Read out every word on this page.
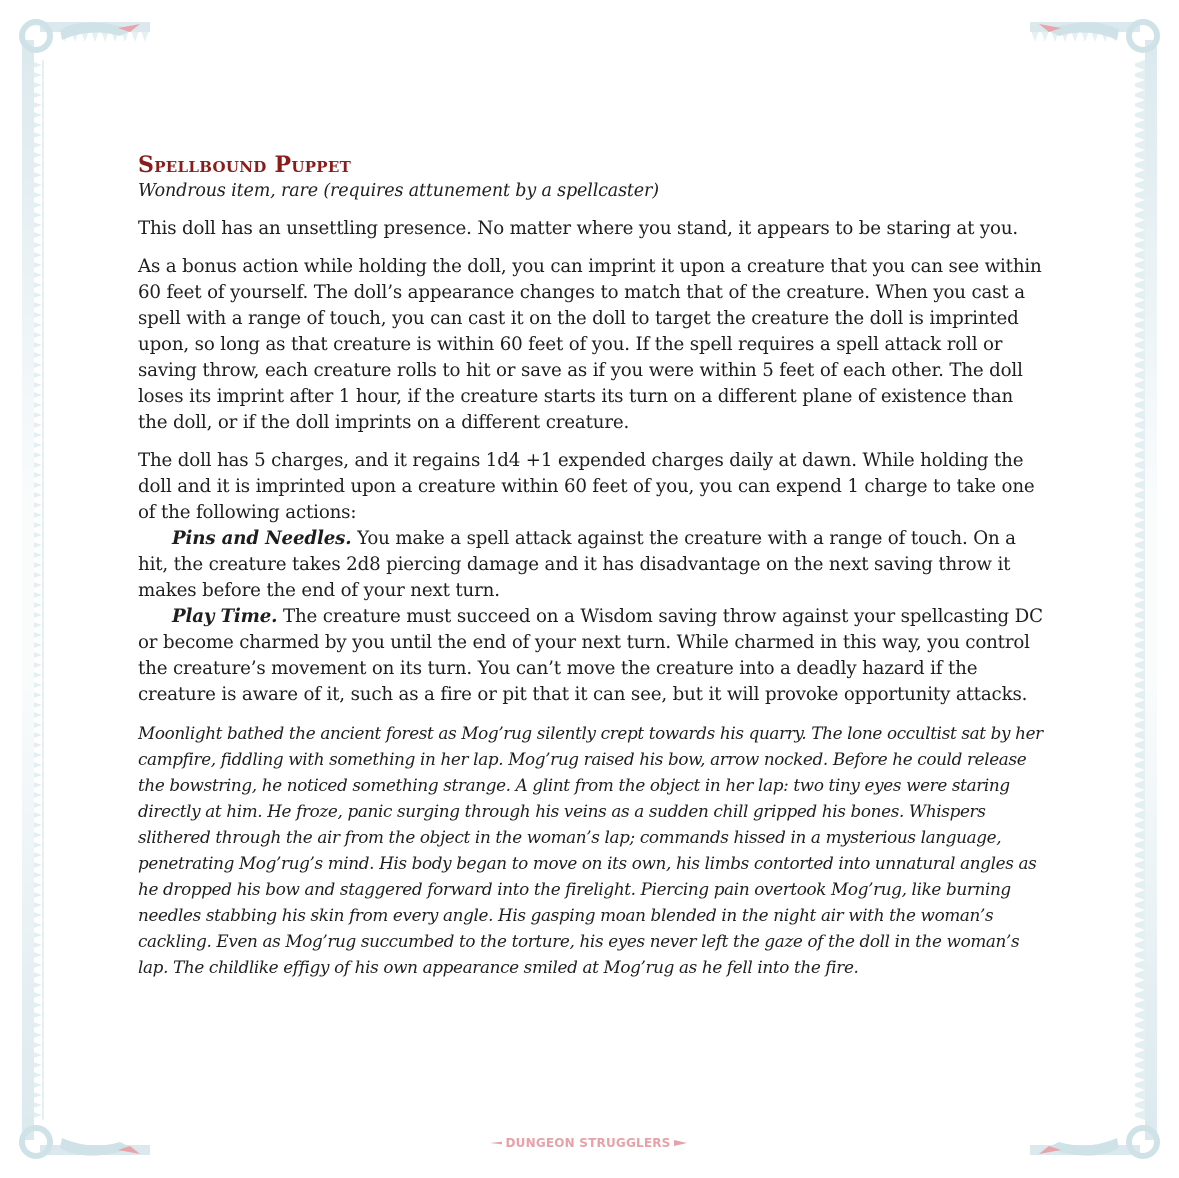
Spellbound Puppet

Wondrous item, rare (requires attunement by a spellcaster)

This doll has an unsettling presence. No matter where you stand, it appears to be staring at you.

As a bonus action while holding the doll, you can imprint it upon a creature that you can see within 60 feet of yourself. The doll’s appearance changes to match that of the creature. When you cast a spell with a range of touch, you can cast it on the doll to target the creature the doll is imprinted upon, so long as that creature is within 60 feet of you. If the spell requires a spell attack roll or saving throw, each creature rolls to hit or save as if you were within 5 feet of each other. The doll loses its imprint after 1 hour, if the creature starts its turn on a different plane of existence than the doll, or if the doll imprints on a different creature.

The doll has 5 charges, and it regains 1d4 +1 expended charges daily at dawn. While holding the doll and it is imprinted upon a creature within 60 feet of you, you can expend 1 charge to take one of the following actions:

Pins and Needles. You make a spell attack against the creature with a range of touch. On a hit, the creature takes 2d8 piercing damage and it has disadvantage on the next saving throw it makes before the end of your next turn.

Play Time. The creature must succeed on a Wisdom saving throw against your spellcasting DC or become charmed by you until the end of your next turn. While charmed in this way, you control the creature’s movement on its turn. You can’t move the creature into a deadly hazard if the creature is aware of it, such as a fire or pit that it can see, but it will provoke opportunity attacks.

Moonlight bathed the ancient forest as Mog’rug silently crept towards his quarry. The lone occultist sat by her campfire, fiddling with something in her lap. Mog’rug raised his bow, arrow nocked. Before he could release the bowstring, he noticed something strange. A glint from the object in her lap: two tiny eyes were staring directly at him. He froze, panic surging through his veins as a sudden chill gripped his bones. Whispers slithered through the air from the object in the woman’s lap; commands hissed in a mysterious language, penetrating Mog’rug’s mind. His body began to move on its own, his limbs contorted into unnatural angles as he dropped his bow and staggered forward into the firelight. Piercing pain overtook Mog’rug, like burning needles stabbing his skin from every angle. His gasping moan blended in the night air with the woman’s cackling. Even as Mog’rug succumbed to the torture, his eyes never left the gaze of the doll in the woman’s lap. The childlike effigy of his own appearance smiled at Mog’rug as he fell into the fire.

DUNGEON STRUGGLERS
